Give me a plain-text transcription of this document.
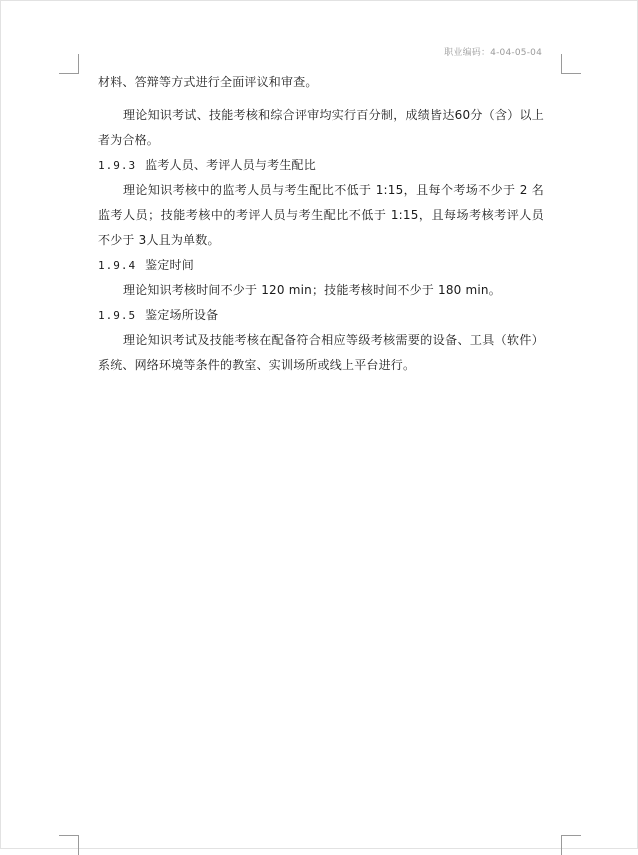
职业编码：4-04-05-04

材料、答辩等方式进行全面评议和审查。

理论知识考试、技能考核和综合评审均实行百分制，成绩皆达60分（含）以上者为合格。

1.9.3 监考人员、考评人员与考生配比

理论知识考核中的监考人员与考生配比不低于 1:15，且每个考场不少于 2 名监考人员；技能考核中的考评人员与考生配比不低于 1:15，且每场考核考评人员不少于 3人且为单数。

1.9.4 鉴定时间

理论知识考核时间不少于 120 min；技能考核时间不少于 180 min。

1.9.5 鉴定场所设备

理论知识考试及技能考核在配备符合相应等级考核需要的设备、工具（软件）系统、网络环境等条件的教室、实训场所或线上平台进行。
